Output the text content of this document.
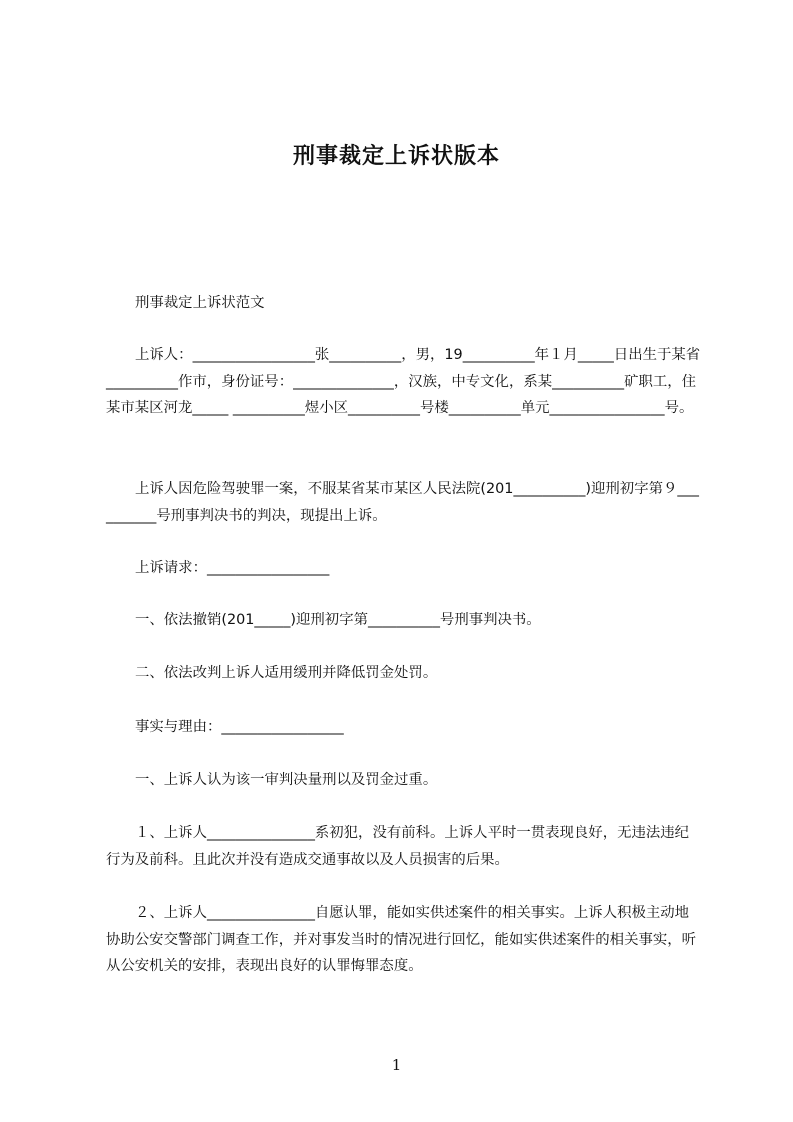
刑事裁定上诉状版本
刑事裁定上诉状范文
上诉人：_________________张__________，男，19__________年１月_____日出生于某省__________作市，身份证号：______________，汉族，中专文化，系某__________矿职工，住某市某区河龙_____ __________煜小区__________号楼__________单元________________号。
上诉人因危险驾驶罪一案，不服某省某市某区人民法院(201__________)迎刑初字第９__________号刑事判决书的判决，现提出上诉。
上诉请求：_________________
一、依法撤销(201_____)迎刑初字第__________号刑事判决书。
二、依法改判上诉人适用缓刑并降低罚金处罚。
事实与理由：_________________
一、上诉人认为该一审判决量刑以及罚金过重。
１、上诉人_______________系初犯，没有前科。上诉人平时一贯表现良好，无违法违纪行为及前科。且此次并没有造成交通事故以及人员损害的后果。
２、上诉人_______________自愿认罪，能如实供述案件的相关事实。上诉人积极主动地协助公安交警部门调查工作，并对事发当时的情况进行回忆，能如实供述案件的相关事实，听从公安机关的安排，表现出良好的认罪悔罪态度。
1
